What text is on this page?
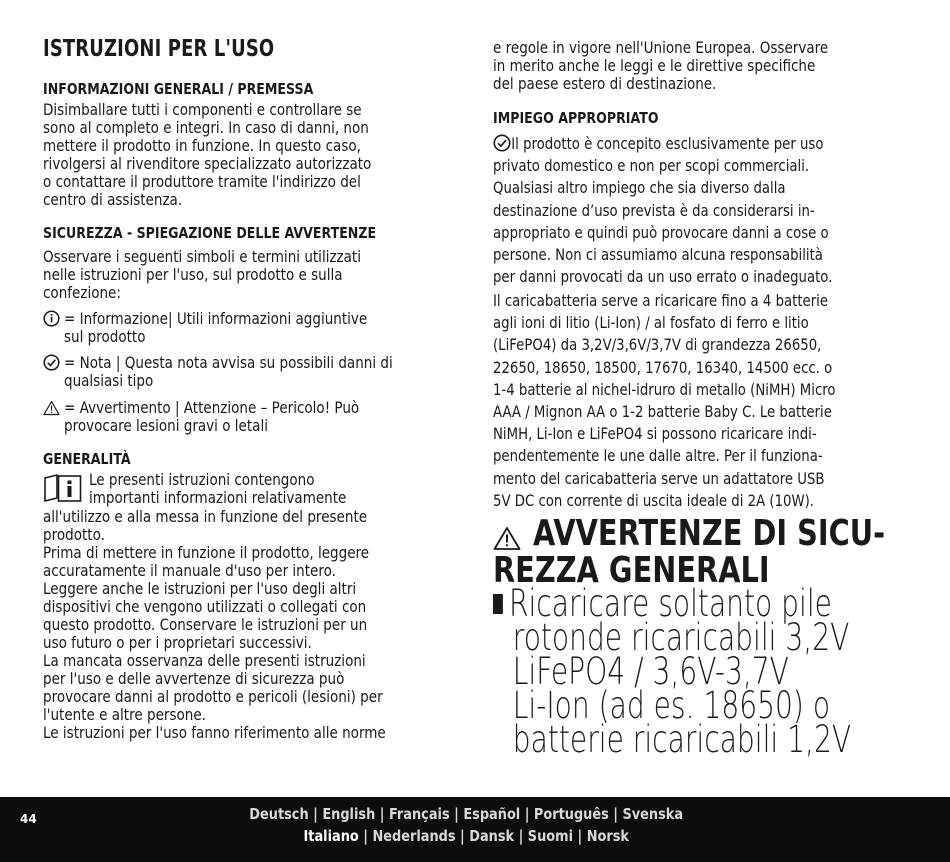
ISTRUZIONI PER L'USO
INFORMAZIONI GENERALI / PREMESSA

Disimballare tutti i componenti e controllare se
sono al completo e integri. In caso di danni, non
mettere il prodotto in funzione. In questo caso,
rivolgersi al rivenditore specializzato autorizzato
o contattare il produttore tramite l'indirizzo del
centro di assistenza.

SICUREZZA - SPIEGAZIONE DELLE AVVERTENZE

Osservare i seguenti simboli e termini utilizzati
nelle istruzioni per l'uso, sul prodotto e sulla
confezione:

= Informazione| Utili informazioni aggiuntive
sul prodotto

= Nota | Questa nota avvisa su possibili danni di
qualsiasi tipo

= Avvertimento | Attenzione – Pericolo! Può
provocare lesioni gravi o letali

GENERALITÀ

Le presenti istruzioni contengono
importanti informazioni relativamente

all'utilizzo e alla messa in funzione del presente
prodotto.
Prima di mettere in funzione il prodotto, leggere
accuratamente il manuale d'uso per intero.
Leggere anche le istruzioni per l'uso degli altri
dispositivi che vengono utilizzati o collegati con
questo prodotto. Conservare le istruzioni per un
uso futuro o per i proprietari successivi.
La mancata osservanza delle presenti istruzioni
per l'uso e delle avvertenze di sicurezza può
provocare danni al prodotto e pericoli (lesioni) per
l'utente e altre persone.
Le istruzioni per l'uso fanno riferimento alle norme

e regole in vigore nell'Unione Europea. Osservare
in merito anche le leggi e le direttive specifiche
del paese estero di destinazione.

IMPIEGO APPROPRIATO

Il prodotto è concepito esclusivamente per uso
privato domestico e non per scopi commerciali.
Qualsiasi altro impiego che sia diverso dalla
destinazione d’uso prevista è da considerarsi in-
appropriato e quindi può provocare danni a cose o
persone. Non ci assumiamo alcuna responsabilità
per danni provocati da un uso errato o inadeguato.

Il caricabatteria serve a ricaricare fino a 4 batterie
agli ioni di litio (Li-Ion) / al fosfato di ferro e litio
(LiFePO4) da 3,2V/3,6V/3,7V di grandezza 26650,
22650, 18650, 18500, 17670, 16340, 14500 ecc. o
1-4 batterie al nichel-idruro di metallo (NiMH) Micro
AAA / Mignon AA o 1-2 batterie Baby C. Le batterie
NiMH, Li-Ion e LiFePO4 si possono ricaricare indi-
pendentemente le une dalle altre. Per il funziona-
mento del caricabatteria serve un adattatore USB
5V DC con corrente di uscita ideale di 2A (10W).

AVVERTENZE DI SICU-
REZZA GENERALI

Ricaricare soltanto pile
rotonde ricaricabili 3,2V
LiFePO4 / 3,6V-3,7V
Li-Ion (ad es. 18650) o
batterie ricaricabili 1,2V

44	Deutsch | English | Français | Español | Português | Svenska
Italiano | Nederlands | Dansk | Suomi | Norsk
